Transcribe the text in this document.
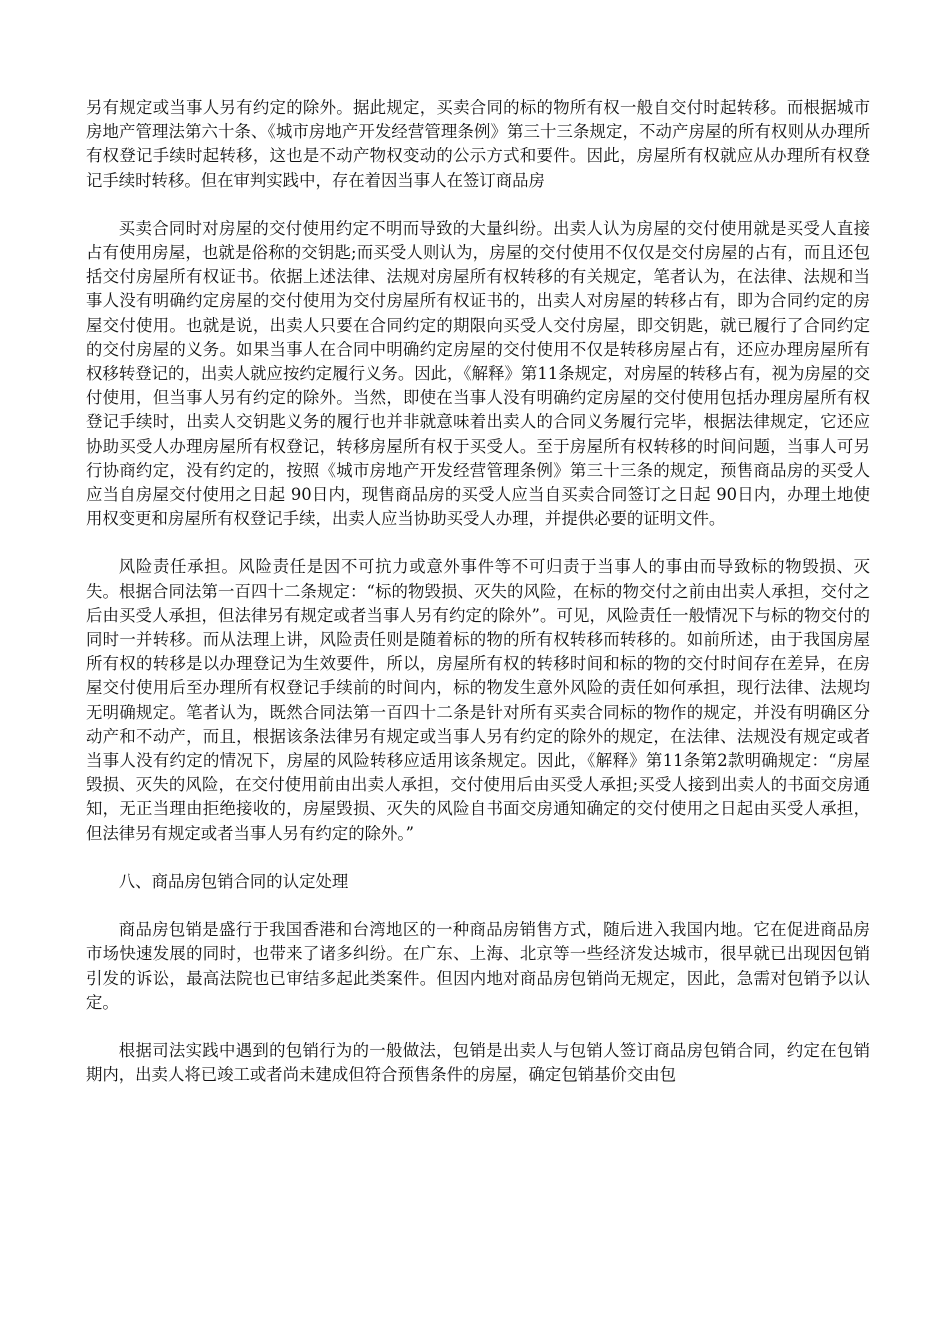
另有规定或当事人另有约定的除外。据此规定，买卖合同的标的物所有权一般自交付时起转移。而根据城市房地产管理法第六十条、《城市房地产开发经营管理条例》第三十三条规定，不动产房屋的所有权则从办理所有权登记手续时起转移，这也是不动产物权变动的公示方式和要件。因此，房屋所有权就应从办理所有权登记手续时转移。但在审判实践中，存在着因当事人在签订商品房

买卖合同时对房屋的交付使用约定不明而导致的大量纠纷。出卖人认为房屋的交付使用就是买受人直接占有使用房屋，也就是俗称的交钥匙;而买受人则认为，房屋的交付使用不仅仅是交付房屋的占有，而且还包括交付房屋所有权证书。依据上述法律、法规对房屋所有权转移的有关规定，笔者认为，在法律、法规和当事人没有明确约定房屋的交付使用为交付房屋所有权证书的，出卖人对房屋的转移占有，即为合同约定的房屋交付使用。也就是说，出卖人只要在合同约定的期限向买受人交付房屋，即交钥匙，就已履行了合同约定的交付房屋的义务。如果当事人在合同中明确约定房屋的交付使用不仅是转移房屋占有，还应办理房屋所有权移转登记的，出卖人就应按约定履行义务。因此，《解释》第11条规定，对房屋的转移占有，视为房屋的交付使用，但当事人另有约定的除外。当然，即使在当事人没有明确约定房屋的交付使用包括办理房屋所有权登记手续时，出卖人交钥匙义务的履行也并非就意味着出卖人的合同义务履行完毕，根据法律规定，它还应协助买受人办理房屋所有权登记，转移房屋所有权于买受人。至于房屋所有权转移的时间问题，当事人可另行协商约定，没有约定的，按照《城市房地产开发经营管理条例》第三十三条的规定，预售商品房的买受人应当自房屋交付使用之日起 90日内，现售商品房的买受人应当自买卖合同签订之日起 90日内，办理土地使用权变更和房屋所有权登记手续，出卖人应当协助买受人办理，并提供必要的证明文件。

风险责任承担。风险责任是因不可抗力或意外事件等不可归责于当事人的事由而导致标的物毁损、灭失。根据合同法第一百四十二条规定：“标的物毁损、灭失的风险，在标的物交付之前由出卖人承担，交付之后由买受人承担，但法律另有规定或者当事人另有约定的除外”。可见，风险责任一般情况下与标的物交付的同时一并转移。而从法理上讲，风险责任则是随着标的物的所有权转移而转移的。如前所述，由于我国房屋所有权的转移是以办理登记为生效要件，所以，房屋所有权的转移时间和标的物的交付时间存在差异，在房屋交付使用后至办理所有权登记手续前的时间内，标的物发生意外风险的责任如何承担，现行法律、法规均无明确规定。笔者认为，既然合同法第一百四十二条是针对所有买卖合同标的物作的规定，并没有明确区分动产和不动产，而且，根据该条法律另有规定或当事人另有约定的除外的规定，在法律、法规没有规定或者当事人没有约定的情况下，房屋的风险转移应适用该条规定。因此，《解释》第11条第2款明确规定：“房屋毁损、灭失的风险，在交付使用前由出卖人承担，交付使用后由买受人承担;买受人接到出卖人的书面交房通知，无正当理由拒绝接收的，房屋毁损、灭失的风险自书面交房通知确定的交付使用之日起由买受人承担，但法律另有规定或者当事人另有约定的除外。”

八、商品房包销合同的认定处理

商品房包销是盛行于我国香港和台湾地区的一种商品房销售方式，随后进入我国内地。它在促进商品房市场快速发展的同时，也带来了诸多纠纷。在广东、上海、北京等一些经济发达城市，很早就已出现因包销引发的诉讼，最高法院也已审结多起此类案件。但因内地对商品房包销尚无规定，因此，急需对包销予以认定。

根据司法实践中遇到的包销行为的一般做法，包销是出卖人与包销人签订商品房包销合同，约定在包销期内，出卖人将已竣工或者尚未建成但符合预售条件的房屋，确定包销基价交由包
